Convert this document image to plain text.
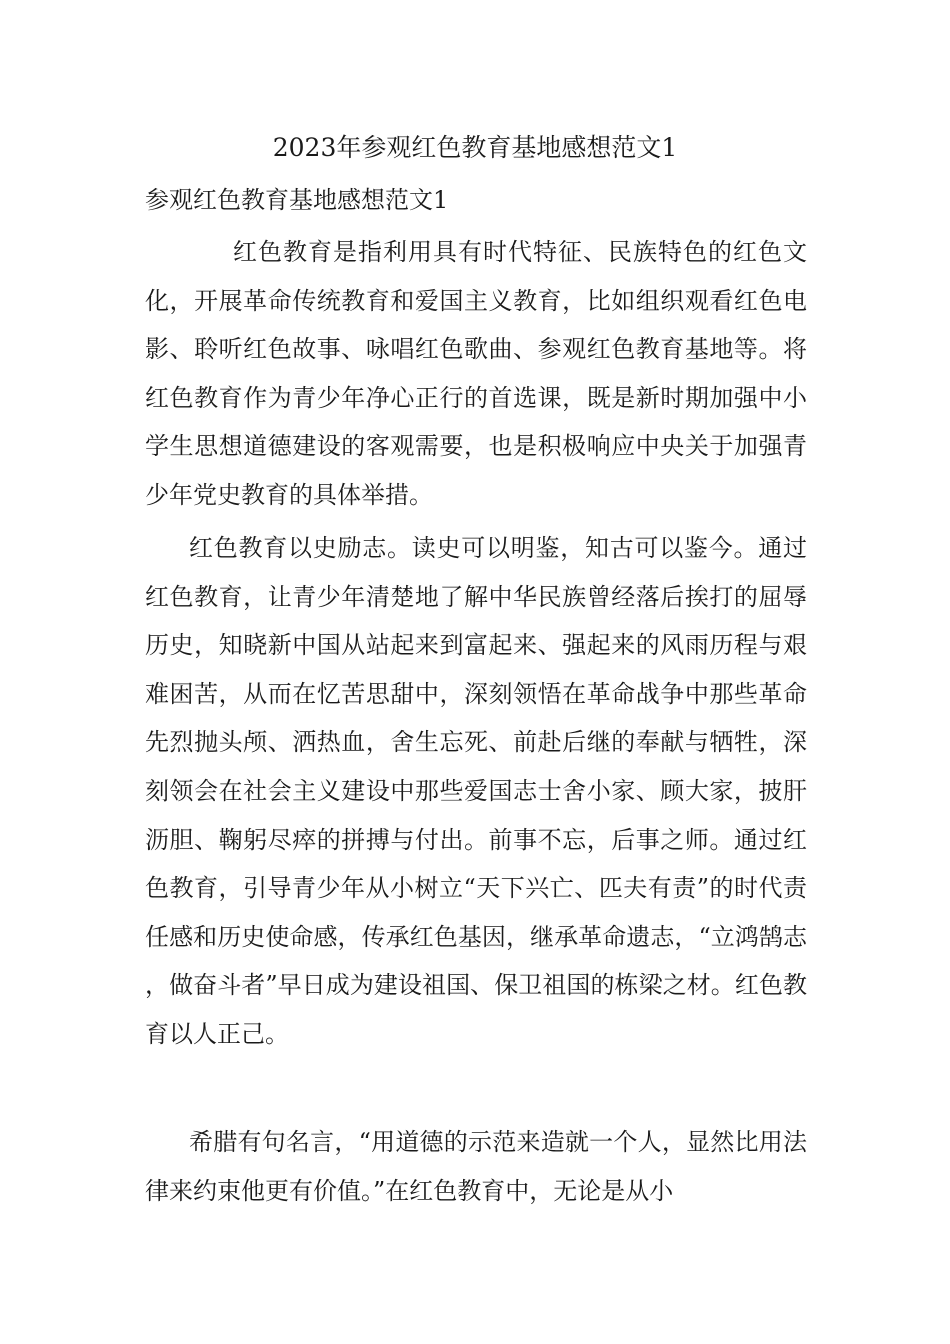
2023年参观红色教育基地感想范文1
参观红色教育基地感想范文1

红色教育是指利用具有时代特征、民族特色的红色文化，开展革命传统教育和爱国主义教育，比如组织观看红色电影、聆听红色故事、咏唱红色歌曲、参观红色教育基地等。将红色教育作为青少年净心正行的首选课，既是新时期加强中小学生思想道德建设的客观需要，也是积极响应中央关于加强青少年党史教育的具体举措。

红色教育以史励志。读史可以明鉴，知古可以鉴今。通过红色教育，让青少年清楚地了解中华民族曾经落后挨打的屈辱历史，知晓新中国从站起来到富起来、强起来的风雨历程与艰难困苦，从而在忆苦思甜中，深刻领悟在革命战争中那些革命先烈抛头颅、洒热血，舍生忘死、前赴后继的奉献与牺牲，深刻领会在社会主义建设中那些爱国志士舍小家、顾大家，披肝沥胆、鞠躬尽瘁的拼搏与付出。前事不忘，后事之师。通过红色教育，引导青少年从小树立“天下兴亡、匹夫有责”的时代责任感和历史使命感，传承红色基因，继承革命遗志，“立鸿鹄志，做奋斗者”早日成为建设祖国、保卫祖国的栋梁之材。红色教育以人正己。

希腊有句名言，“用道德的示范来造就一个人，显然比用法律来约束他更有价值。”在红色教育中，无论是从小
